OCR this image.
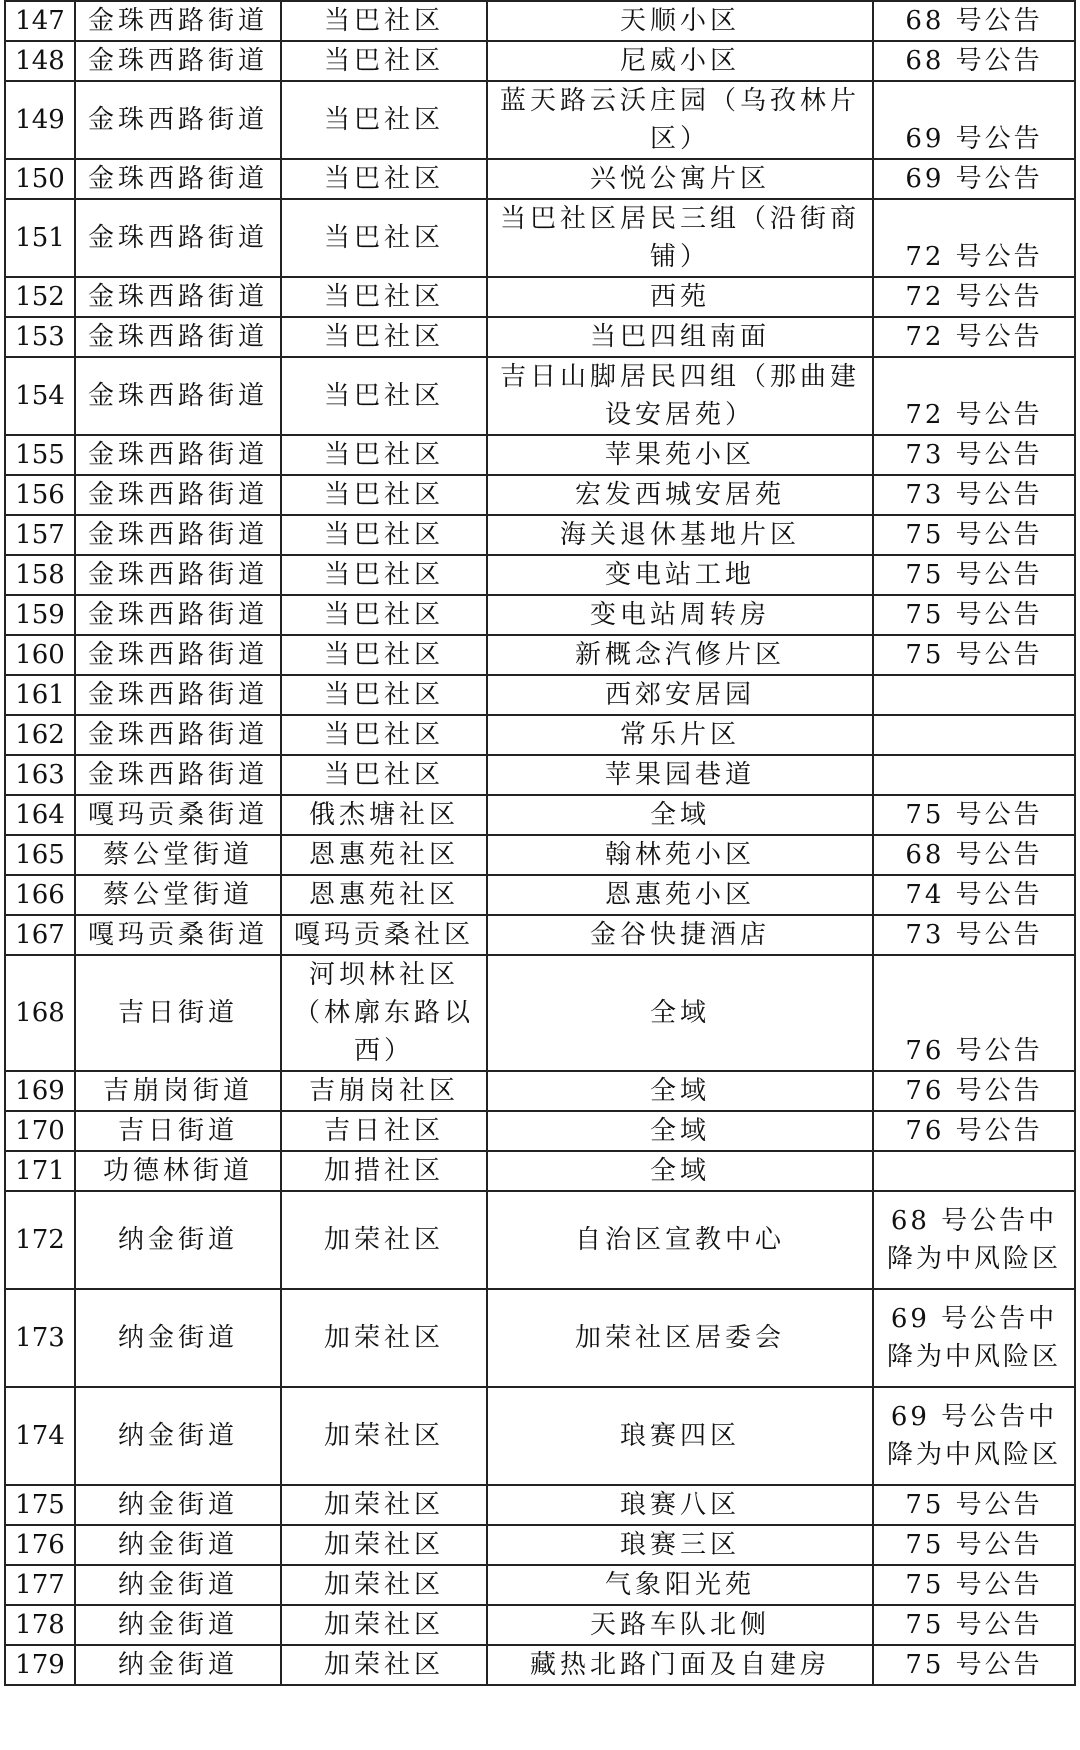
147	金珠西路街道	当巴社区	天顺小区	68 号公告
148	金珠西路街道	当巴社区	尼威小区	68 号公告
149	金珠西路街道	当巴社区	蓝天路云沃庄园（乌孜林片区）	69 号公告
150	金珠西路街道	当巴社区	兴悦公寓片区	69 号公告
151	金珠西路街道	当巴社区	当巴社区居民三组（沿街商铺）	72 号公告
152	金珠西路街道	当巴社区	西苑	72 号公告
153	金珠西路街道	当巴社区	当巴四组南面	72 号公告
154	金珠西路街道	当巴社区	吉日山脚居民四组（那曲建设安居苑）	72 号公告
155	金珠西路街道	当巴社区	苹果苑小区	73 号公告
156	金珠西路街道	当巴社区	宏发西城安居苑	73 号公告
157	金珠西路街道	当巴社区	海关退休基地片区	75 号公告
158	金珠西路街道	当巴社区	变电站工地	75 号公告
159	金珠西路街道	当巴社区	变电站周转房	75 号公告
160	金珠西路街道	当巴社区	新概念汽修片区	75 号公告
161	金珠西路街道	当巴社区	西郊安居园	
162	金珠西路街道	当巴社区	常乐片区	
163	金珠西路街道	当巴社区	苹果园巷道	
164	嘎玛贡桑街道	俄杰塘社区	全域	75 号公告
165	蔡公堂街道	恩惠苑社区	翰林苑小区	68 号公告
166	蔡公堂街道	恩惠苑社区	恩惠苑小区	74 号公告
167	嘎玛贡桑街道	嘎玛贡桑社区	金谷快捷酒店	73 号公告
168	吉日街道	河坝林社区（林廓东路以西）	全域	76 号公告
169	吉崩岗街道	吉崩岗社区	全域	76 号公告
170	吉日街道	吉日社区	全域	76 号公告
171	功德林街道	加措社区	全域	
172	纳金街道	加荣社区	自治区宣教中心	68 号公告中降为中风险区
173	纳金街道	加荣社区	加荣社区居委会	69 号公告中降为中风险区
174	纳金街道	加荣社区	琅赛四区	69 号公告中降为中风险区
175	纳金街道	加荣社区	琅赛八区	75 号公告
176	纳金街道	加荣社区	琅赛三区	75 号公告
177	纳金街道	加荣社区	气象阳光苑	75 号公告
178	纳金街道	加荣社区	天路车队北侧	75 号公告
179	纳金街道	加荣社区	藏热北路门面及自建房	75 号公告
